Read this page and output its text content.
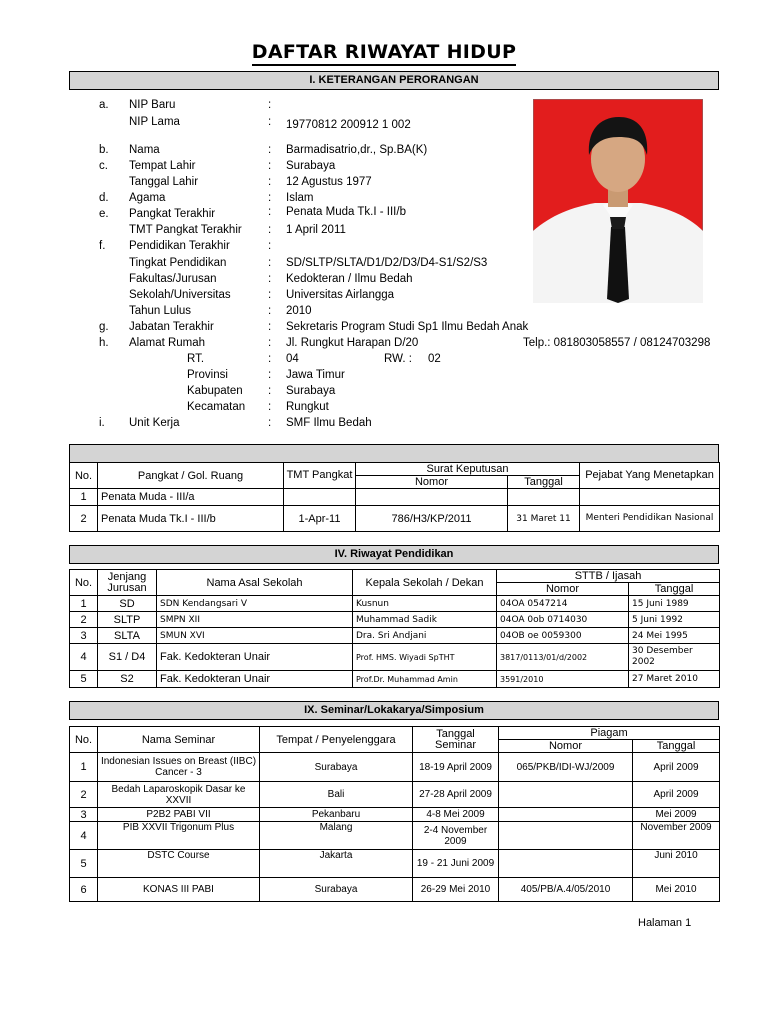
DAFTAR RIWAYAT HIDUP
I. KETERANGAN PERORANGAN
a. NIP Baru	:
NIP Lama	: 19770812 200912 1 002
b. Nama	: Barmadisatrio,dr., Sp.BA(K)
c. Tempat Lahir	: Surabaya
Tanggal Lahir	: 12 Agustus 1977
d. Agama	: Islam
e. Pangkat Terakhir	: Penata Muda Tk.I - III/b
TMT Pangkat Terakhir : 1 April 2011
f. Pendidikan Terakhir	:
Tingkat Pendidikan	: SD/SLTP/SLTA/D1/D2/D3/D4-S1/S2/S3
Fakultas/Jurusan	: Kedokteran / Ilmu Bedah
Sekolah/Universitas	: Universitas Airlangga
Tahun Lulus	: 2010
g. Jabatan Terakhir	: Sekretaris Program Studi Sp1 Ilmu Bedah Anak
h. Alamat Rumah	: Jl. Rungkut Harapan D/20	Telp.: 081803058557 / 08124703298
RT.	: 04	RW. : 02
Provinsi	: Jawa Timur
Kabupaten : Surabaya
Kecamatan : Rungkut
i. Unit Kerja	: SMF Ilmu Bedah
No.	Pangkat / Gol. Ruang	TMT Pangkat	Surat Keputusan		Pejabat Yang Menetapkan
			Nomor	Tanggal	
1	Penata Muda - III/a				
2	Penata Muda Tk.I - III/b	1-Apr-11	786/H3/KP/2011	31 Maret 11	Menteri Pendidikan Nasional
IV. Riwayat Pendidikan
No.	Jenjang Jurusan	Nama Asal Sekolah	Kepala Sekolah / Dekan	STTB / Ijasah	
				Nomor	Tanggal
1	SD	SDN Kendangsari V	Kusnun	04OA 0547214	15 Juni 1989
2	SLTP	SMPN XII	Muhammad Sadik	04OA 0ob 0714030	5 Juni 1992
3	SLTA	SMUN XVI	Dra. Sri Andjani	04OB oe 0059300	24 Mei 1995
4	S1 / D4	Fak. Kedokteran Unair	Prof. HMS. Wiyadi SpTHT	3817/0113/01/d/2002	30 Desember 2002
5	S2	Fak. Kedokteran Unair	Prof.Dr. Muhammad Amin	3591/2010	27 Maret 2010
IX. Seminar/Lokakarya/Simposium
No.	Nama Seminar	Tempat / Penyelenggara	Tanggal Seminar	Piagam	
				Nomor	Tanggal
1	Indonesian Issues on Breast (IIBC) Cancer - 3	Surabaya	18-19 April 2009	065/PKB/IDI-WJ/2009	April 2009
2	Bedah Laparoskopik Dasar ke XXVII	Bali	27-28 April 2009		April 2009
3	P2B2 PABI VII	Pekanbaru	4-8 Mei 2009		Mei 2009
4	PIB XXVII Trigonum Plus	Malang	2-4 November 2009		November 2009
5	DSTC Course	Jakarta	19 - 21 Juni 2009		Juni 2010
6	KONAS III PABI	Surabaya	26-29 Mei 2010	405/PB/A.4/05/2010	Mei 2010
Halaman 1
